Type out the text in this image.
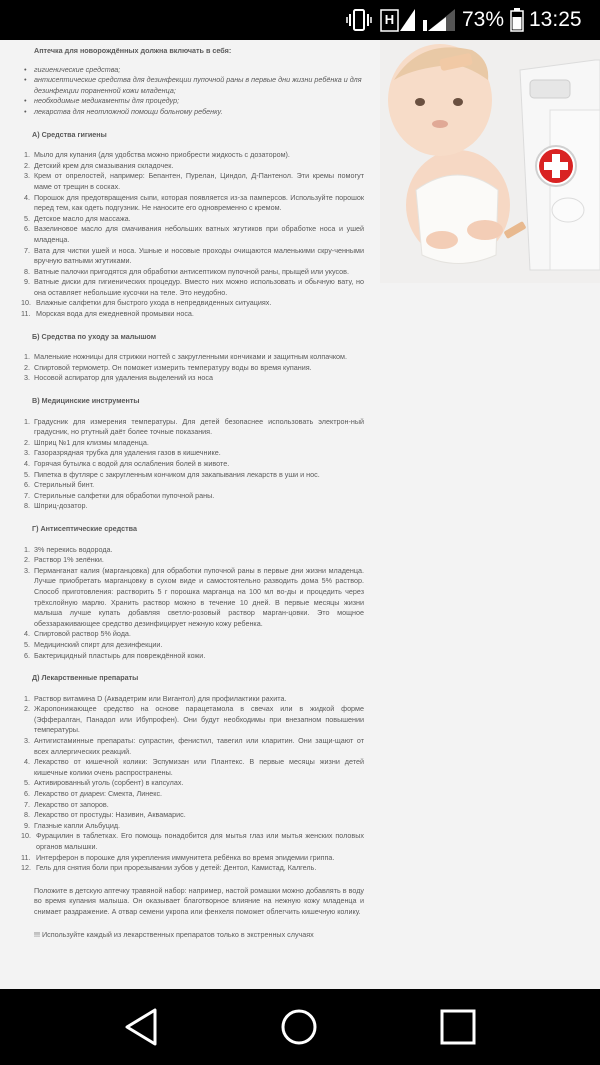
H	73% 13:25
Аптечка для новорождённых должна включать в себя:
• гигиенические средства;
• антисептические средства для дезинфекции пупочной раны в первые дни жизни ребёнка и для дезинфекции пораненной кожи младенца;
• необходимые медикаменты для процедур;
• лекарства для неотложной помощи больному ребенку.
А) Средства гигиены
1. Мыло для купания (для удобства можно приобрести жидкость с дозатором).
2. Детский крем для смазывания складочек.
3. Крем от опрелостей, например: Бепантен, Пурелан, Циндол, Д-Пантенол. Эти кремы помогут маме от трещин в сосках.
4. Порошок для предотвращения сыпи, которая появляется из-за памперсов. Используйте порошок перед тем, как одеть подгузник. Не наносите его одновременно с кремом.
5. Детское масло для массажа.
6. Вазелиновое масло для смачивания небольших ватных жгутиков при обработке носа и ушей младенца.
7. Вата для чистки ушей и носа. Ушные и носовые проходы очищаются маленькими скру-ченными вручную ватными жгутиками.
8. Ватные палочки пригодятся для обработки антисептиком пупочной раны, прыщей или укусов.
9. Ватные диски для гигиенических процедур. Вместо них можно использовать и обычную вату, но она оставляет небольшие кусочки на теле. Это неудобно.
10. Влажные салфетки для быстрого ухода в непредвиденных ситуациях.
11. Морская вода для ежедневной промывки носа.
Б) Средства по уходу за малышом
1. Маленькие ножницы для стрижки ногтей с закругленными кончиками и защитным колпачком.
2. Спиртовой термометр. Он поможет измерить температуру воды во время купания.
3. Носовой аспиратор для удаления выделений из носа
В) Медицинские инструменты
1. Градусник для измерения температуры. Для детей безопаснее использовать электрон-ный градусник, но ртутный даёт более точные показания.
2. Шприц №1 для клизмы младенца.
3. Газоразрядная трубка для удаления газов в кишечнике.
4. Горячая бутылка с водой для ослабления болей в животе.
5. Пипетка в футляре с закругленным кончиком для закапывания лекарств в уши и нос.
6. Стерильный бинт.
7. Стерильные салфетки для обработки пупочной раны.
8. Шприц-дозатор.
Г) Антисептические средства
1. 3% перекись водорода.
2. Раствор 1% зелёнки.
3. Перманганат калия (марганцовка) для обработки пупочной раны в первые дни жизни младенца. Лучше приобретать марганцовку в сухом виде и самостоятельно разводить дома 5% раствор. Способ приготовления: растворить 5 г порошка марганца на 100 мл во-ды и процедить через трёхслойную марлю. Хранить раствор можно в течение 10 дней. В первые месяцы жизни малыша лучше купать добавляя светло-розовый раствор марган-цовки. Это мощное обеззараживающее средство дезинфицирует нежную кожу ребенка.
4. Спиртовой раствор 5% йода.
5. Медицинский спирт для дезинфекции.
6. Бактерицидный пластырь для повреждённой кожи.
Д) Лекарственные препараты
1. Раствор витамина D (Аквадетрим или Вигантол) для профилактики рахита.
2. Жаропонижающее средство на основе парацетамола в свечах или в жидкой форме (Эффералган, Панадол или Ибупрофен). Они будут необходимы при внезапном повышении температуры.
3. Антигистаминные препараты: супрастин, фенистил, тавегил или кларитин. Они защи-щают от всех аллергических реакций.
4. Лекарство от кишечной колики: Эспумизан или Плантекс. В первые месяцы жизни детей кишечные колики очень распространены.
5. Активированный уголь (сорбент) в капсулах.
6. Лекарство от диареи: Смекта, Линекс.
7. Лекарство от запоров.
8. Лекарство от простуды: Називин, Аквамарис.
9. Глазные капли Альбуцид.
10. Фурацилин в таблетках. Его помощь понадобится для мытья глаз или мытья женских половых органов малышки.
11. Интерферон в порошке для укрепления иммунитета ребёнка во время эпидемии гриппа.
12. Гель для снятия боли при прорезывании зубов у детей: Дентол, Камистад, Калгель.

Положите в детскую аптечку травяной набор: например, настой ромашки можно добавлять в воду во время купания малыша. Он оказывает благотворное влияние на нежную кожу младенца и снимает раздражение. А отвар семени укропа или фенхеля поможет облегчить кишечную колику.

!!! Используйте каждый из лекарственных препаратов только в экстренных случаях
